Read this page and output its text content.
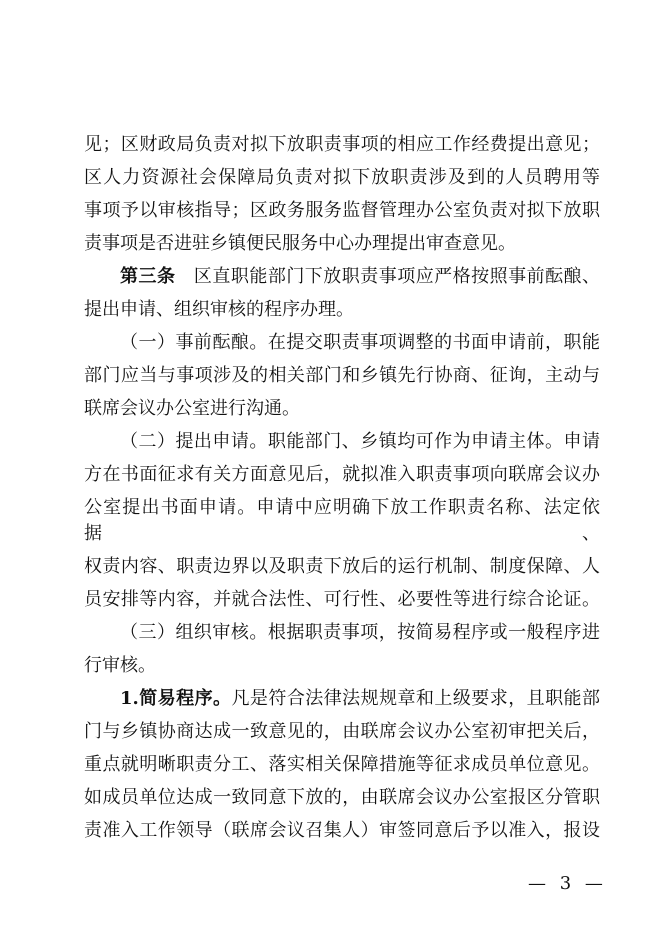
见；区财政局负责对拟下放职责事项的相应工作经费提出意见；
区人力资源社会保障局负责对拟下放职责涉及到的人员聘用等
事项予以审核指导；区政务服务监督管理办公室负责对拟下放职
责事项是否进驻乡镇便民服务中心办理提出审查意见。
第三条　区直职能部门下放职责事项应严格按照事前酝酿、
提出申请、组织审核的程序办理。
（一）事前酝酿。在提交职责事项调整的书面申请前，职能
部门应当与事项涉及的相关部门和乡镇先行协商、征询，主动与
联席会议办公室进行沟通。
（二）提出申请。职能部门、乡镇均可作为申请主体。申请
方在书面征求有关方面意见后，就拟准入职责事项向联席会议办
公室提出书面申请。申请中应明确下放工作职责名称、法定依据、
权责内容、职责边界以及职责下放后的运行机制、制度保障、人
员安排等内容，并就合法性、可行性、必要性等进行综合论证。
（三）组织审核。根据职责事项，按简易程序或一般程序进
行审核。
1.简易程序。凡是符合法律法规规章和上级要求，且职能部
门与乡镇协商达成一致意见的，由联席会议办公室初审把关后，
重点就明晰职责分工、落实相关保障措施等征求成员单位意见。
如成员单位达成一致同意下放的，由联席会议办公室报区分管职
责准入工作领导（联席会议召集人）审签同意后予以准入，报设
— 3 —
